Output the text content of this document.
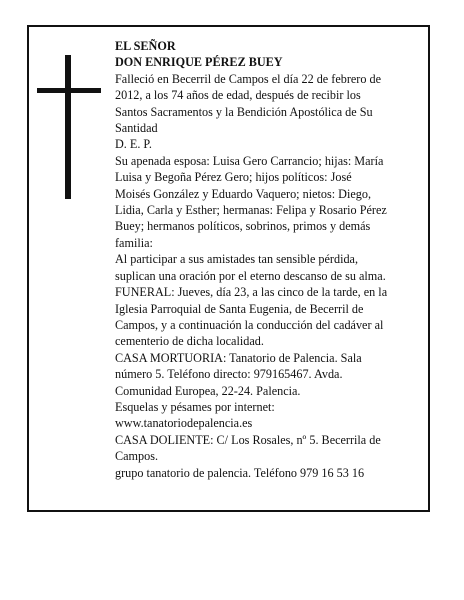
EL SEÑOR
DON ENRIQUE PÉREZ BUEY
Falleció en Becerril de Campos el día 22 de febrero de
2012, a los 74 años de edad, después de recibir los
Santos Sacramentos y la Bendición Apostólica de Su
Santidad
D. E. P.
Su apenada esposa: Luisa Gero Carrancio; hijas: María
Luisa y Begoña Pérez Gero; hijos políticos: José
Moisés González y Eduardo Vaquero; nietos: Diego,
Lidia, Carla y Esther; hermanas: Felipa y Rosario Pérez
Buey; hermanos políticos, sobrinos, primos y demás
familia:
Al participar a sus amistades tan sensible pérdida,
suplican una oración por el eterno descanso de su alma.
FUNERAL: Jueves, día 23, a las cinco de la tarde, en la
Iglesia Parroquial de Santa Eugenia, de Becerril de
Campos, y a continuación la conducción del cadáver al
cementerio de dicha localidad.
CASA MORTUORIA: Tanatorio de Palencia. Sala
número 5. Teléfono directo: 979165467. Avda.
Comunidad Europea, 22-24. Palencia.
Esquelas y pésames por internet:
www.tanatoriodepalencia.es
CASA DOLIENTE: C/ Los Rosales, nº 5. Becerrila de
Campos.
grupo tanatorio de palencia. Teléfono 979 16 53 16
